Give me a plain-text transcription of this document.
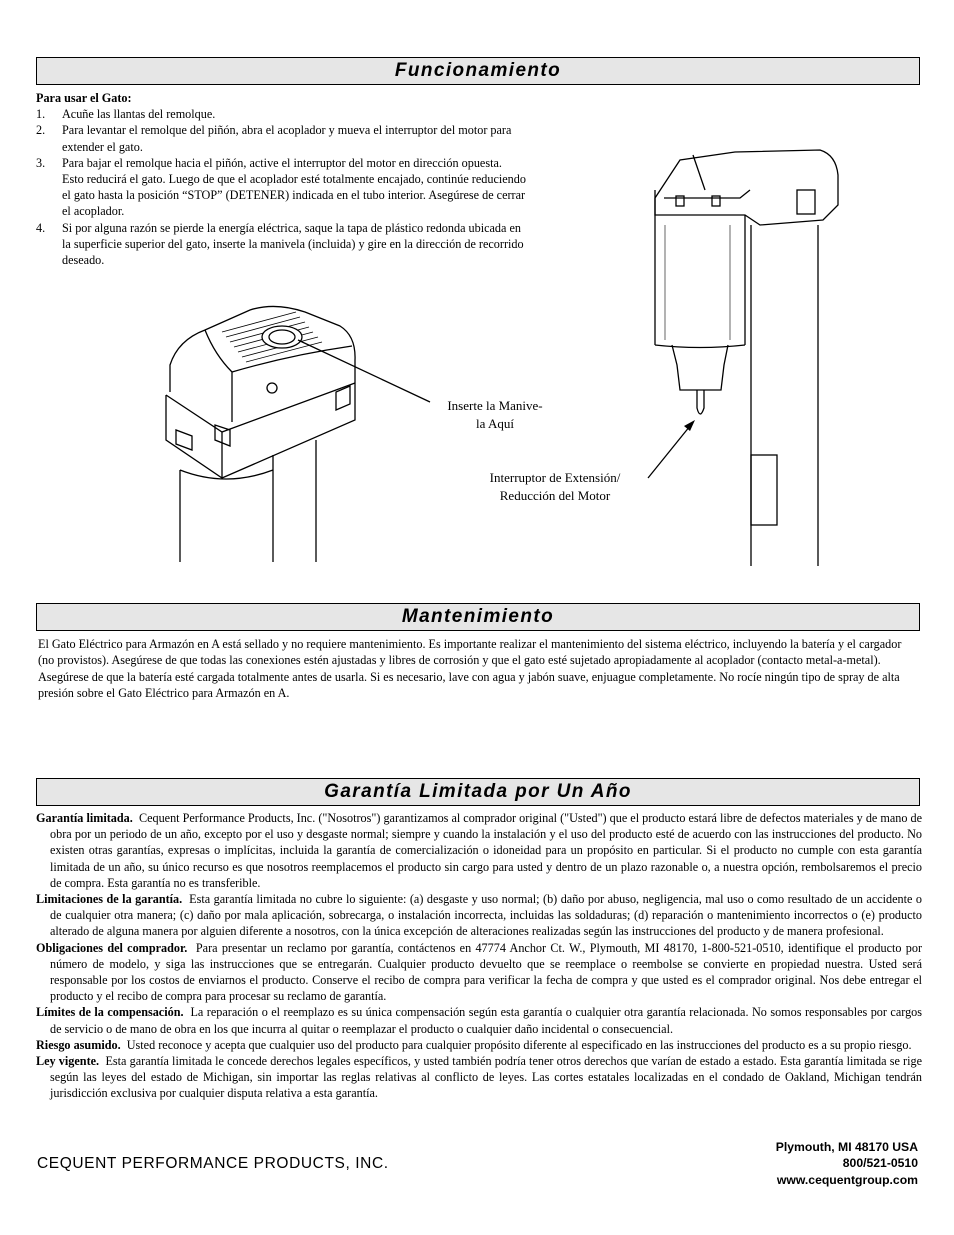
Funcionamiento
Para usar el Gato:
1. Acuñe las llantas del remolque.
2. Para levantar el remolque del piñón, abra el acoplador y mueva el interruptor del motor para extender el gato.
3. Para bajar el remolque hacia el piñón, active el interruptor del motor en dirección opuesta. Esto reducirá el gato. Luego de que el acoplador esté totalmente encajado, continúe reduciendo el gato hasta la posición “STOP” (DETENER) indicada en el tubo interior. Asegúrese de cerrar el acoplador.
4. Si por alguna razón se pierde la energía eléctrica, saque la tapa de plástico redonda ubicada en la superficie superior del gato, inserte la manivela (incluida) y gire en la dirección de recorrido deseado.
Inserte la Manive-
la Aquí
Interruptor de Extensión/
Reducción del Motor
Mantenimiento
El Gato Eléctrico para Armazón en A está sellado y no requiere mantenimiento. Es importante realizar el mantenimiento del sistema eléctrico, incluyendo la batería y el cargador (no provistos). Asegúrese de que todas las conexiones estén ajustadas y libres de corrosión y que el gato esté sujetado apropiadamente al acoplador (contacto metal-a-metal). Asegúrese de que la batería esté cargada totalmente antes de usarla. Si es necesario, lave con agua y jabón suave, enjuague completamente. No rocíe ningún tipo de spray de alta presión sobre el Gato Eléctrico para Armazón en A.
Garantía Limitada por Un Año

Garantía limitada. Cequent Performance Products, Inc. ("Nosotros") garantizamos al comprador original ("Usted") que el producto estará libre de defectos materiales y de mano de obra por un periodo de un año, excepto por el uso y desgaste normal; siempre y cuando la instalación y el uso del producto esté de acuerdo con las instrucciones del producto. No existen otras garantías, expresas o implícitas, incluida la garantía de comercialización o idoneidad para un propósito en particular. Si el producto no cumple con esta garantía limitada de un año, su único recurso es que nosotros reemplacemos el producto sin cargo para usted y dentro de un plazo razonable o, a nuestra opción, rembolsaremos el precio de compra. Esta garantía no es transferible.

Limitaciones de la garantía. Esta garantía limitada no cubre lo siguiente: (a) desgaste y uso normal; (b) daño por abuso, negligencia, mal uso o como resultado de un accidente o de cualquier otra manera; (c) daño por mala aplicación, sobrecarga, o instalación incorrecta, incluidas las soldaduras; (d) reparación o mantenimiento incorrectos o (e) producto alterado de alguna manera por alguien diferente a nosotros, con la única excepción de alteraciones realizadas según las instrucciones del producto y de manera profesional.

Obligaciones del comprador. Para presentar un reclamo por garantía, contáctenos en 47774 Anchor Ct. W., Plymouth, MI 48170, 1-800-521-0510, identifique el producto por número de modelo, y siga las instrucciones que se entregarán. Cualquier producto devuelto que se reemplace o reembolse se convierte en propiedad nuestra. Usted será responsable por los costos de enviarnos el producto. Conserve el recibo de compra para verificar la fecha de compra y que usted es el comprador original. Nos debe entregar el producto y el recibo de compra para procesar su reclamo de garantía.

Límites de la compensación. La reparación o el reemplazo es su única compensación según esta garantía o cualquier otra garantía relacionada. No somos responsables por cargos de servicio o de mano de obra en los que incurra al quitar o reemplazar el producto o cualquier daño incidental o consecuencial.

Riesgo asumido. Usted reconoce y acepta que cualquier uso del producto para cualquier propósito diferente al especificado en las instrucciones del producto es a su propio riesgo.

Ley vigente. Esta garantía limitada le concede derechos legales específicos, y usted también podría tener otros derechos que varían de estado a estado. Esta garantía limitada se rige según las leyes del estado de Michigan, sin importar las reglas relativas al conflicto de leyes. Las cortes estatales localizadas en el condado de Oakland, Michigan tendrán jurisdicción exclusiva por cualquier disputa relativa a esta garantía.

CEQUENT PERFORMANCE PRODUCTS, INC.
Plymouth, MI 48170 USA
800/521-0510
www.cequentgroup.com
